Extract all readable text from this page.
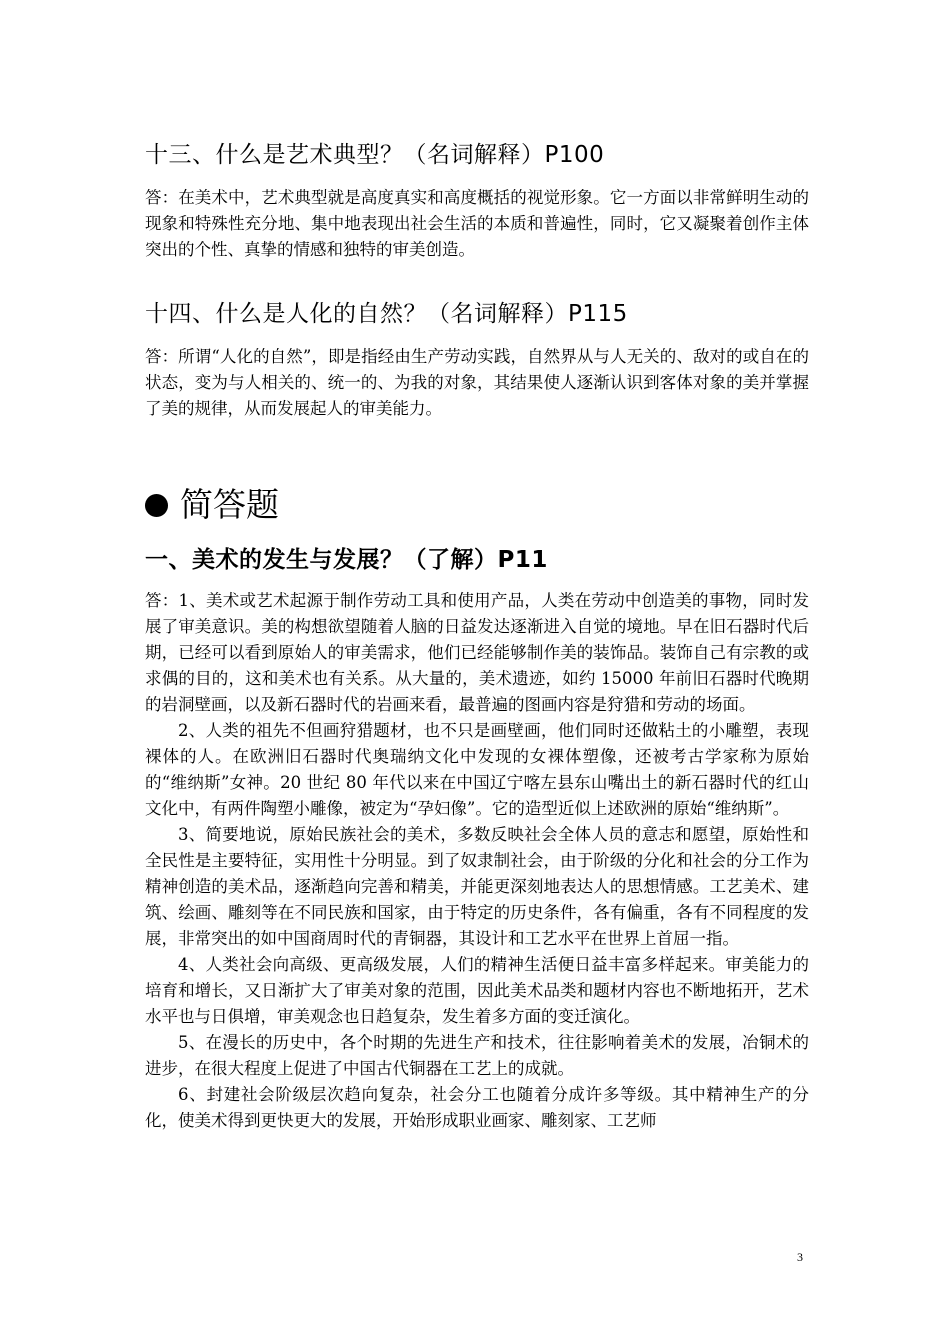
十三、什么是艺术典型？（名词解释）P100

答：在美术中，艺术典型就是高度真实和高度概括的视觉形象。它一方面以非常鲜明生动的现象和特殊性充分地、集中地表现出社会生活的本质和普遍性，同时，它又凝聚着创作主体突出的个性、真挚的情感和独特的审美创造。

十四、什么是人化的自然？（名词解释）P115

答：所谓“人化的自然”，即是指经由生产劳动实践，自然界从与人无关的、敌对的或自在的状态，变为与人相关的、统一的、为我的对象，其结果使人逐渐认识到客体对象的美并掌握了美的规律，从而发展起人的审美能力。

简答题
一、美术的发生与发展？（了解）P11

答：1、美术或艺术起源于制作劳动工具和使用产品，人类在劳动中创造美的事物，同时发展了审美意识。美的构想欲望随着人脑的日益发达逐渐进入自觉的境地。早在旧石器时代后期，已经可以看到原始人的审美需求，他们已经能够制作美的装饰品。装饰自己有宗教的或求偶的目的，这和美术也有关系。从大量的，美术遗迹，如约 15000 年前旧石器时代晚期的岩洞壁画，以及新石器时代的岩画来看，最普遍的图画内容是狩猎和劳动的场面。

2、人类的祖先不但画狩猎题材，也不只是画壁画，他们同时还做粘土的小雕塑，表现裸体的人。在欧洲旧石器时代奥瑞纳文化中发现的女裸体塑像，还被考古学家称为原始的“维纳斯”女神。20 世纪 80 年代以来在中国辽宁喀左县东山嘴出土的新石器时代的红山文化中，有两件陶塑小雕像，被定为“孕妇像”。它的造型近似上述欧洲的原始“维纳斯”。

3、简要地说，原始民族社会的美术，多数反映社会全体人员的意志和愿望，原始性和全民性是主要特征，实用性十分明显。到了奴隶制社会，由于阶级的分化和社会的分工作为精神创造的美术品，逐渐趋向完善和精美，并能更深刻地表达人的思想情感。工艺美术、建筑、绘画、雕刻等在不同民族和国家，由于特定的历史条件，各有偏重，各有不同程度的发展，非常突出的如中国商周时代的青铜器，其设计和工艺水平在世界上首屈一指。

4、人类社会向高级、更高级发展，人们的精神生活便日益丰富多样起来。审美能力的培育和增长，又日渐扩大了审美对象的范围，因此美术品类和题材内容也不断地拓开，艺术水平也与日俱增，审美观念也日趋复杂，发生着多方面的变迁演化。

5、在漫长的历史中，各个时期的先进生产和技术，往往影响着美术的发展，冶铜术的进步，在很大程度上促进了中国古代铜器在工艺上的成就。

6、封建社会阶级层次趋向复杂，社会分工也随着分成许多等级。其中精神生产的分化，使美术得到更快更大的发展，开始形成职业画家、雕刻家、工艺师

3
